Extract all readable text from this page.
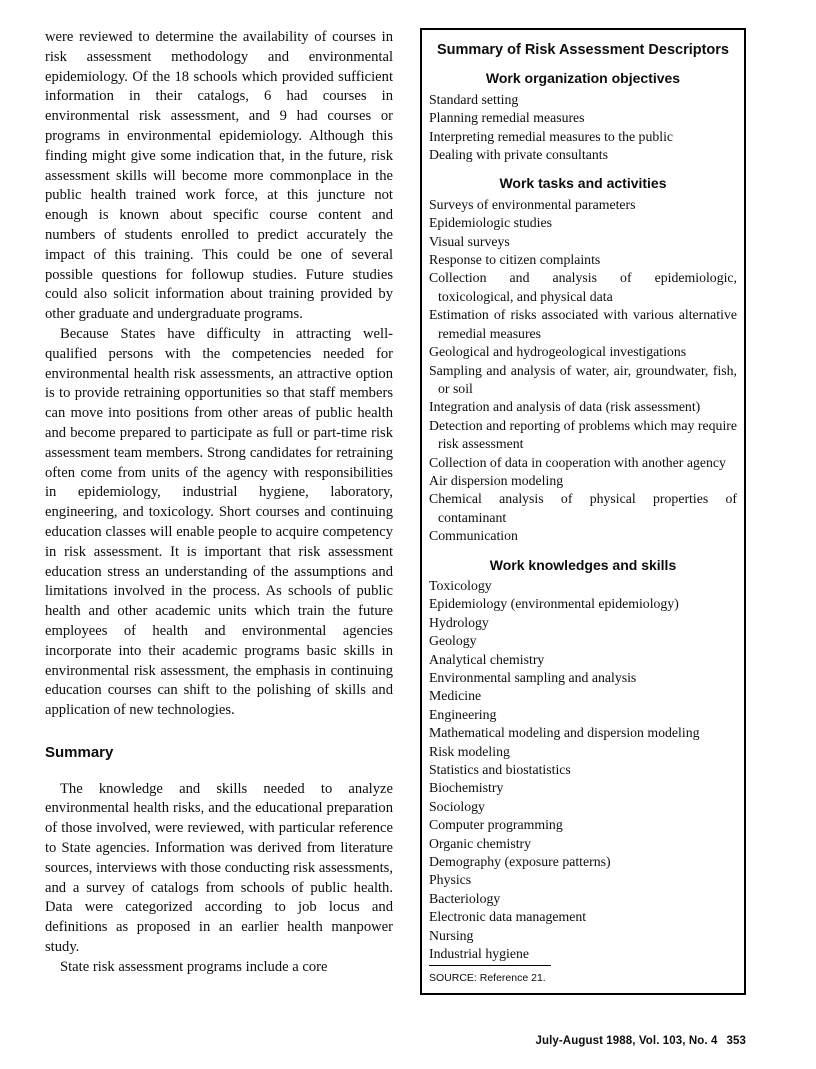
were reviewed to determine the availability of courses in risk assessment methodology and environmental epidemiology. Of the 18 schools which provided sufficient information in their catalogs, 6 had courses in environmental risk assessment, and 9 had courses or programs in environmental epidemiology. Although this finding might give some indication that, in the future, risk assessment skills will become more commonplace in the public health trained work force, at this juncture not enough is known about specific course content and numbers of students enrolled to predict accurately the impact of this training. This could be one of several possible questions for followup studies. Future studies could also solicit information about training provided by other graduate and undergraduate programs.

Because States have difficulty in attracting well-qualified persons with the competencies needed for environmental health risk assessments, an attractive option is to provide retraining opportunities so that staff members can move into positions from other areas of public health and become prepared to participate as full or part-time risk assessment team members. Strong candidates for retraining often come from units of the agency with responsibilities in epidemiology, industrial hygiene, laboratory, engineering, and toxicology. Short courses and continuing education classes will enable people to acquire competency in risk assessment. It is important that risk assessment education stress an understanding of the assumptions and limitations involved in the process. As schools of public health and other academic units which train the future employees of health and environmental agencies incorporate into their academic programs basic skills in environmental risk assessment, the emphasis in continuing education courses can shift to the polishing of skills and application of new technologies.

Summary

The knowledge and skills needed to analyze environmental health risks, and the educational preparation of those involved, were reviewed, with particular reference to State agencies. Information was derived from literature sources, interviews with those conducting risk assessments, and a survey of catalogs from schools of public health. Data were categorized according to job locus and definitions as proposed in an earlier health manpower study.

State risk assessment programs include a core

Summary of Risk Assessment Descriptors
Work organization objectives
Standard setting
Planning remedial measures
Interpreting remedial measures to the public
Dealing with private consultants
Work tasks and activities
Surveys of environmental parameters
Epidemiologic studies
Visual surveys
Response to citizen complaints
Collection and analysis of epidemiologic, toxicological, and physical data
Estimation of risks associated with various alternative remedial measures
Geological and hydrogeological investigations
Sampling and analysis of water, air, groundwater, fish, or soil
Integration and analysis of data (risk assessment)
Detection and reporting of problems which may require risk assessment
Collection of data in cooperation with another agency
Air dispersion modeling
Chemical analysis of physical properties of contaminant
Communication
Work knowledges and skills
Toxicology
Epidemiology (environmental epidemiology)
Hydrology
Geology
Analytical chemistry
Environmental sampling and analysis
Medicine
Engineering
Mathematical modeling and dispersion modeling
Risk modeling
Statistics and biostatistics
Biochemistry
Sociology
Computer programming
Organic chemistry
Demography (exposure patterns)
Physics
Bacteriology
Electronic data management
Nursing
Industrial hygiene
SOURCE: Reference 21.
July-August 1988, Vol. 103, No. 4 353
